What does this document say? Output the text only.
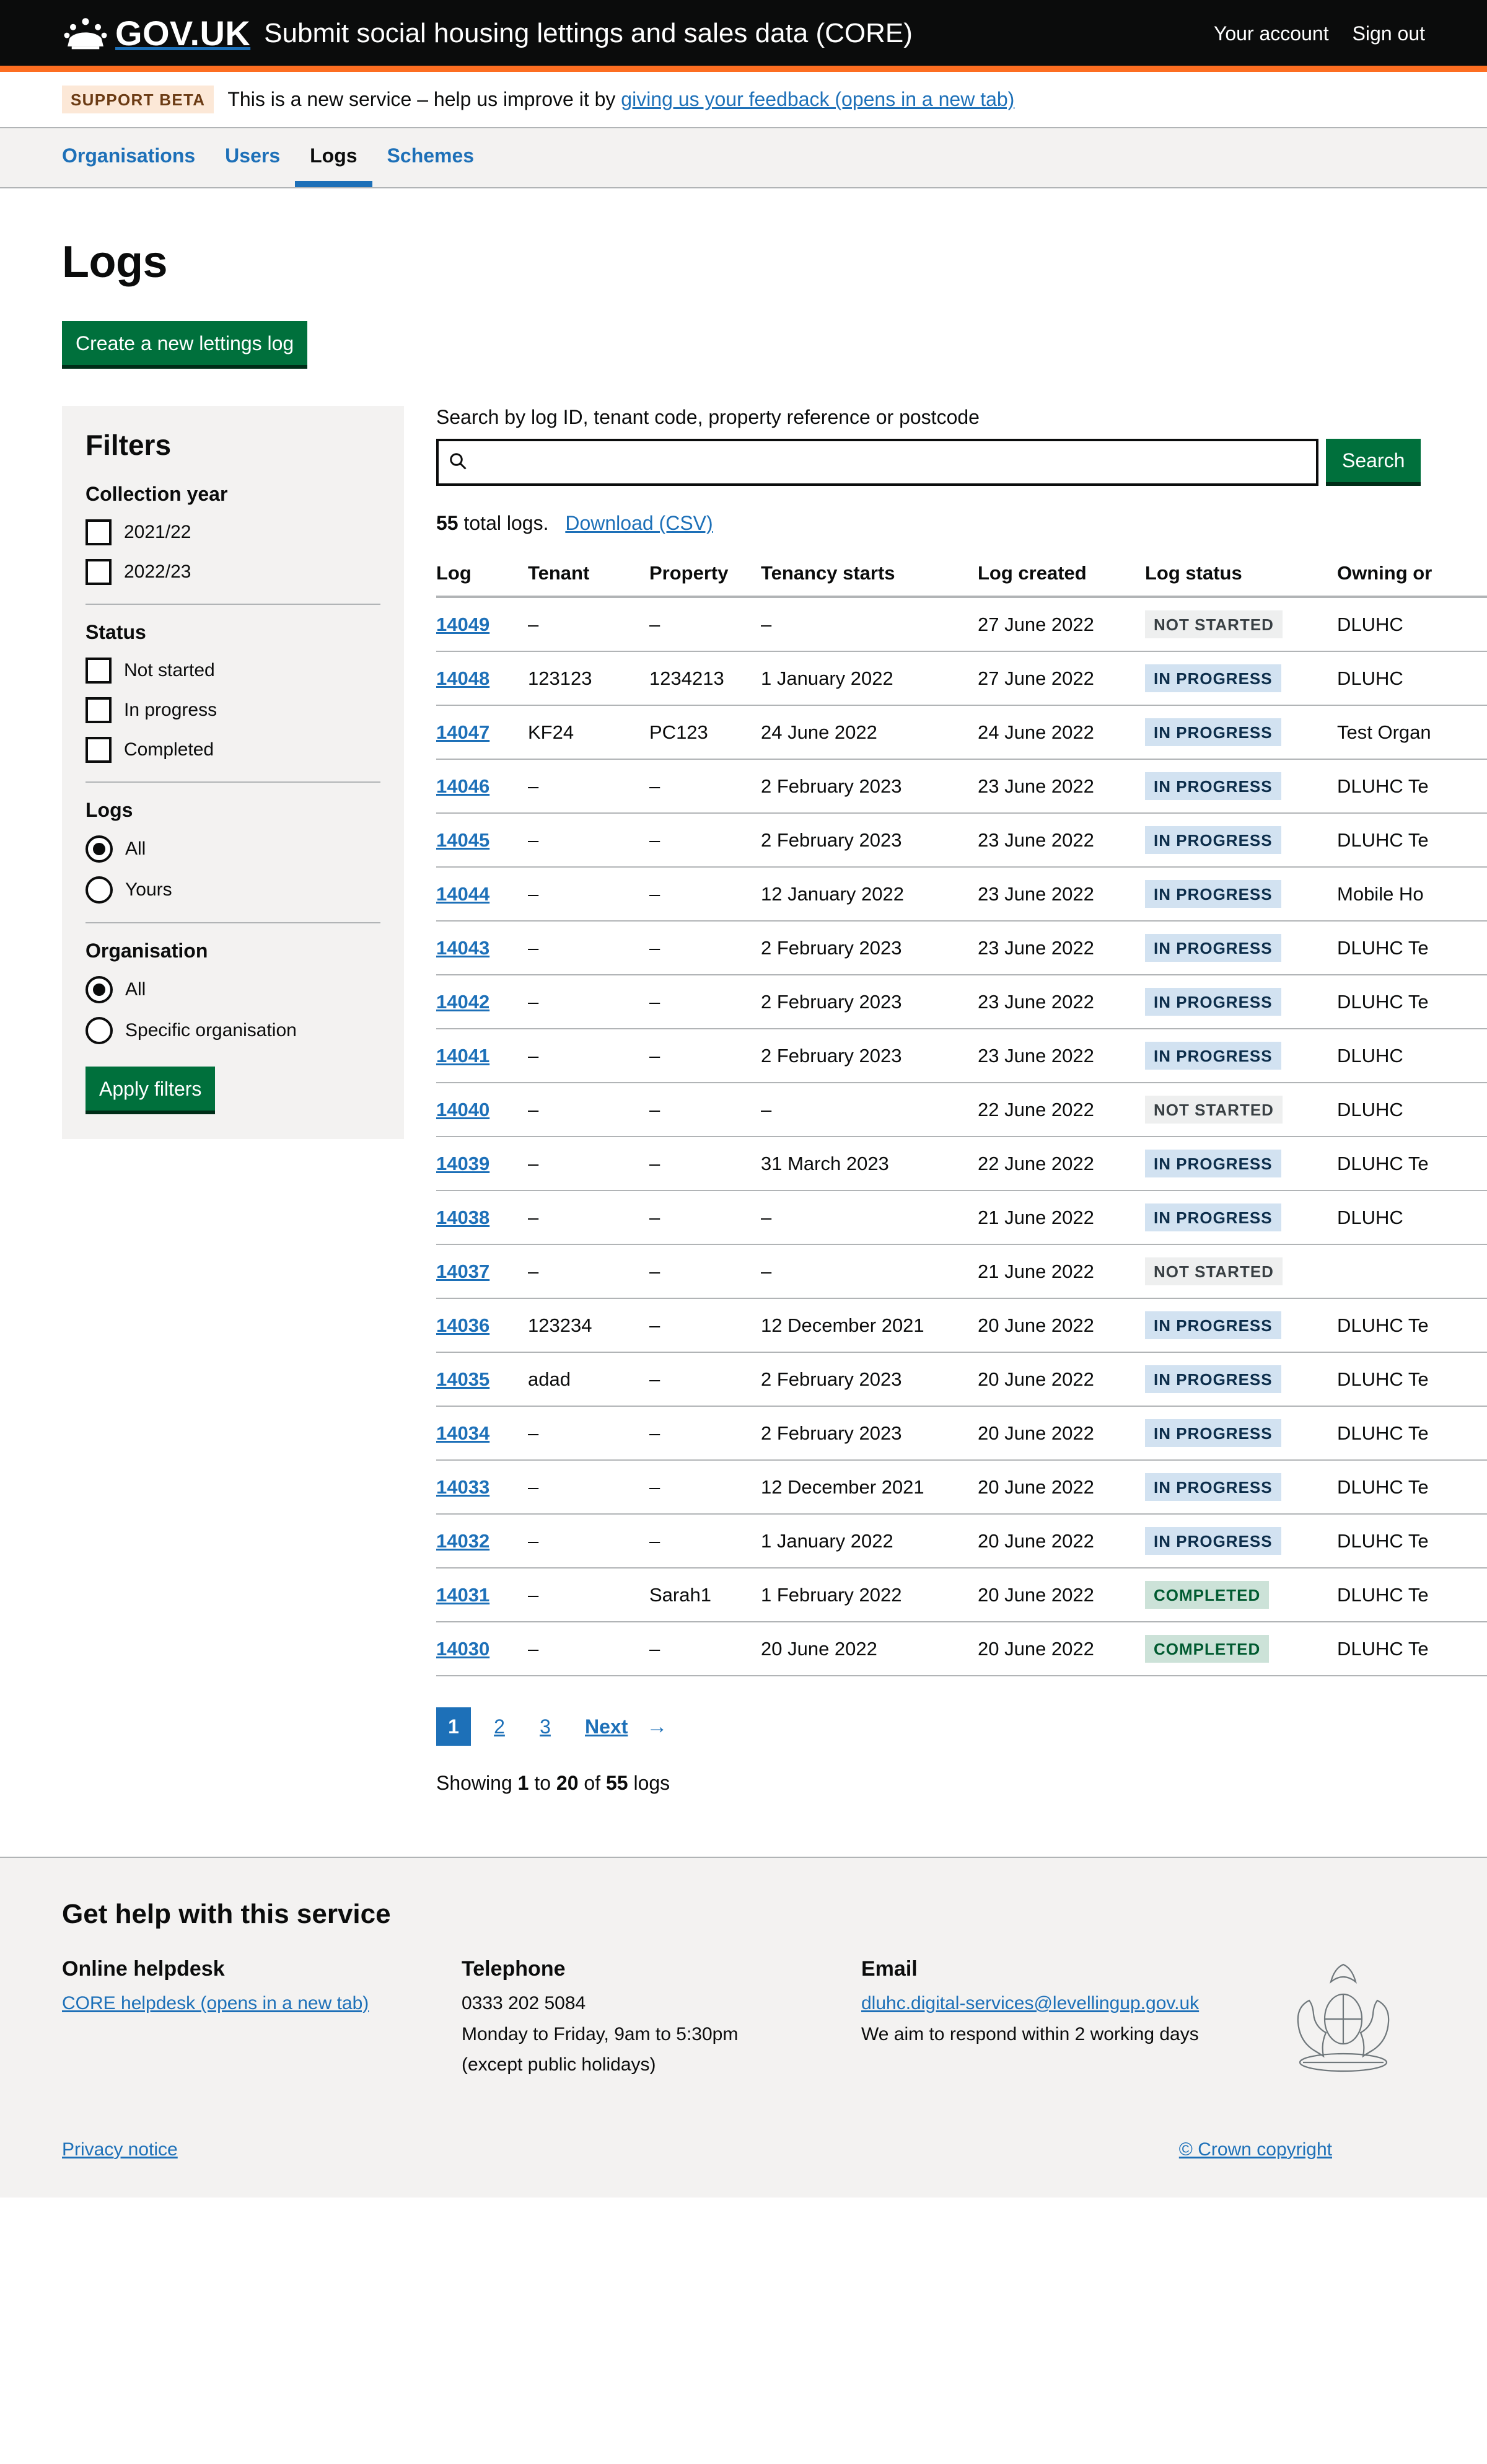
GOV.UK Submit social housing lettings and sales data (CORE)	Your account Sign out
SUPPORT BETA	This is a new service – help us improve it by giving us your feedback (opens in a new tab)
Organisations	Users	Logs	Schemes
Logs
Create a new lettings log
Filters
Collection year
2021/22
2022/23
Status
Not started
In progress
Completed
Logs
All
Yours
Organisation
All
Specific organisation
Apply filters
Search by log ID, tenant code, property reference or postcode
Search
55 total logs. Download (CSV)
Log	Tenant	Property	Tenancy starts	Log created	Log status	Owning or
14049	–	–	–	27 June 2022	NOT STARTED	DLUHC
14048	123123	1234213	1 January 2022	27 June 2022	IN PROGRESS	DLUHC
14047	KF24	PC123	24 June 2022	24 June 2022	IN PROGRESS	Test Organ
14046	–	–	2 February 2023	23 June 2022	IN PROGRESS	DLUHC Te
14045	–	–	2 February 2023	23 June 2022	IN PROGRESS	DLUHC Te
14044	–	–	12 January 2022	23 June 2022	IN PROGRESS	Mobile Ho
14043	–	–	2 February 2023	23 June 2022	IN PROGRESS	DLUHC Te
14042	–	–	2 February 2023	23 June 2022	IN PROGRESS	DLUHC Te
14041	–	–	2 February 2023	23 June 2022	IN PROGRESS	DLUHC
14040	–	–	–	22 June 2022	NOT STARTED	DLUHC
14039	–	–	31 March 2023	22 June 2022	IN PROGRESS	DLUHC Te
14038	–	–	–	21 June 2022	IN PROGRESS	DLUHC
14037	–	–	–	21 June 2022	NOT STARTED	
14036	123234	–	12 December 2021	20 June 2022	IN PROGRESS	DLUHC Te
14035	adad	–	2 February 2023	20 June 2022	IN PROGRESS	DLUHC Te
14034	–	–	2 February 2023	20 June 2022	IN PROGRESS	DLUHC Te
14033	–	–	12 December 2021	20 June 2022	IN PROGRESS	DLUHC Te
14032	–	–	1 January 2022	20 June 2022	IN PROGRESS	DLUHC Te
14031	–	Sarah1	1 February 2022	20 June 2022	COMPLETED	DLUHC Te
14030	–	–	20 June 2022	20 June 2022	COMPLETED	DLUHC Te
1	2	3	Next →
Showing 1 to 20 of 55 logs
Get help with this service
Online helpdesk
CORE helpdesk (opens in a new tab)
Telephone

0333 202 5084

Monday to Friday, 9am to 5:30pm

(except public holidays)

Email
dluhc.digital-services@levellingup.gov.uk

We aim to respond within 2 working days

Privacy notice	© Crown copyright
